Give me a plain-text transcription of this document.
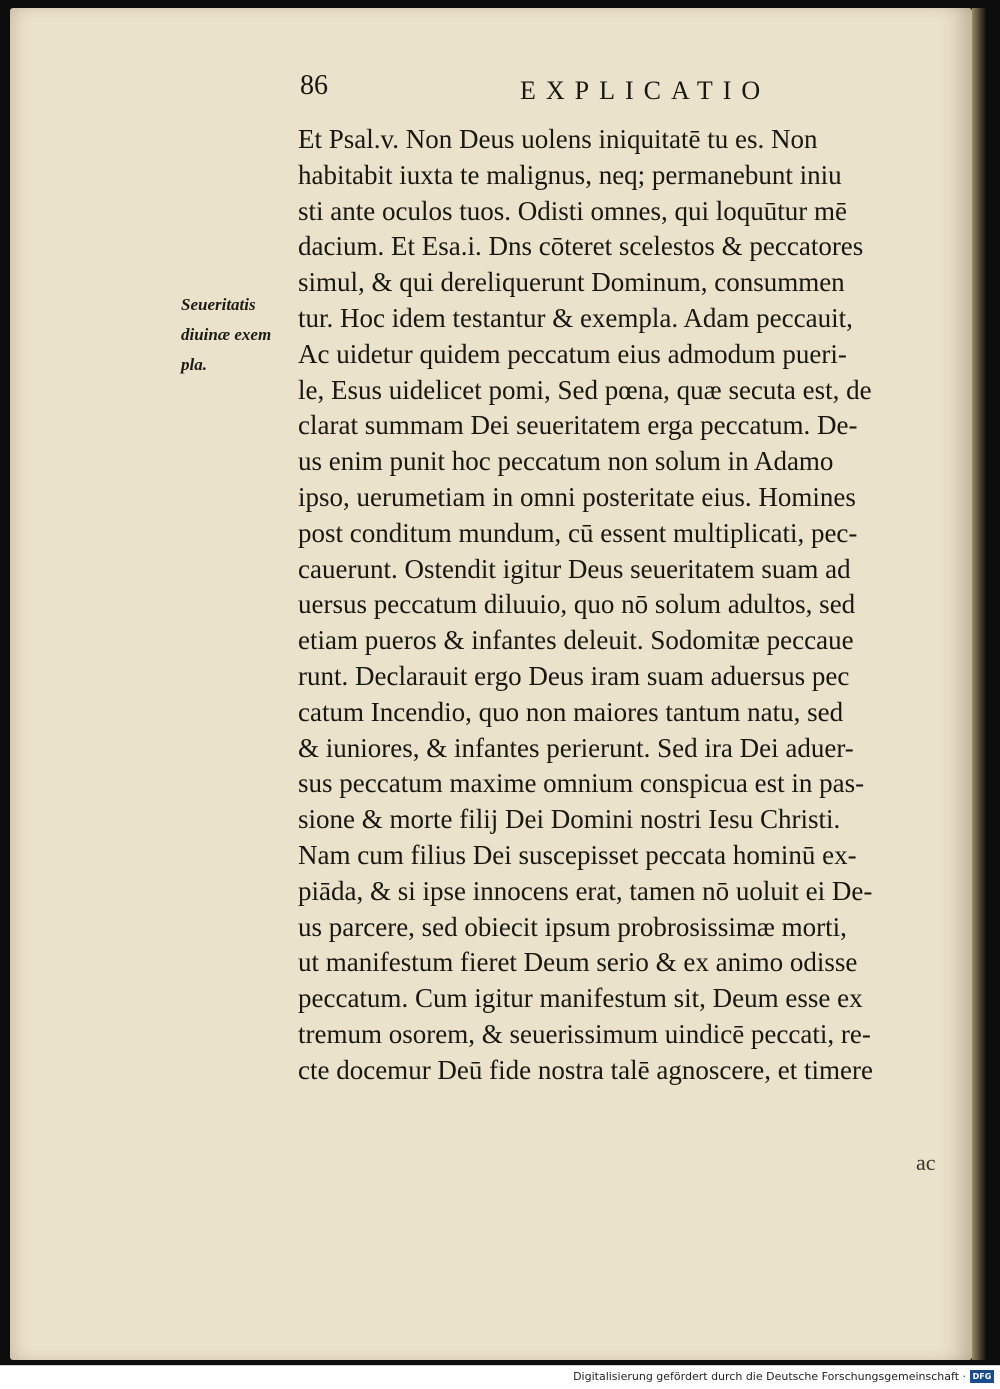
86	EXPLICATIO
Seueritatis
diuinæ exem
pla.
Et Psal.v. Non Deus uolens iniquitatē tu es. Non
habitabit iuxta te malignus, neq; permanebunt iniu
sti ante oculos tuos. Odisti omnes, qui loquūtur mē
dacium. Et Esa.i. Dns cōteret scelestos & peccatores
simul, & qui dereliquerunt Dominum, consummen
tur. Hoc idem testantur & exempla. Adam peccauit,
Ac uidetur quidem peccatum eius admodum pueri-
le, Esus uidelicet pomi, Sed pœna, quæ secuta est, de
clarat summam Dei seueritatem erga peccatum. De-
us enim punit hoc peccatum non solum in Adamo
ipso, uerumetiam in omni posteritate eius. Homines
post conditum mundum, cū essent multiplicati, pec-
cauerunt. Ostendit igitur Deus seueritatem suam ad
uersus peccatum diluuio, quo nō solum adultos, sed
etiam pueros & infantes deleuit. Sodomitæ peccaue
runt. Declarauit ergo Deus iram suam aduersus pec
catum Incendio, quo non maiores tantum natu, sed
& iuniores, & infantes perierunt. Sed ira Dei aduer-
sus peccatum maxime omnium conspicua est in pas-
sione & morte filij Dei Domini nostri Iesu Christi.
Nam cum filius Dei suscepisset peccata hominū ex-
piāda, & si ipse innocens erat, tamen nō uoluit ei De-
us parcere, sed obiecit ipsum probrosissimæ morti,
ut manifestum fieret Deum serio & ex animo odisse
peccatum. Cum igitur manifestum sit, Deum esse ex
tremum osorem, & seuerissimum uindicē peccati, re-
cte docemur Deū fide nostra talē agnoscere, et timere
ac
Digitalisierung gefördert durch die Deutsche Forschungsgemeinschaft · DFG
